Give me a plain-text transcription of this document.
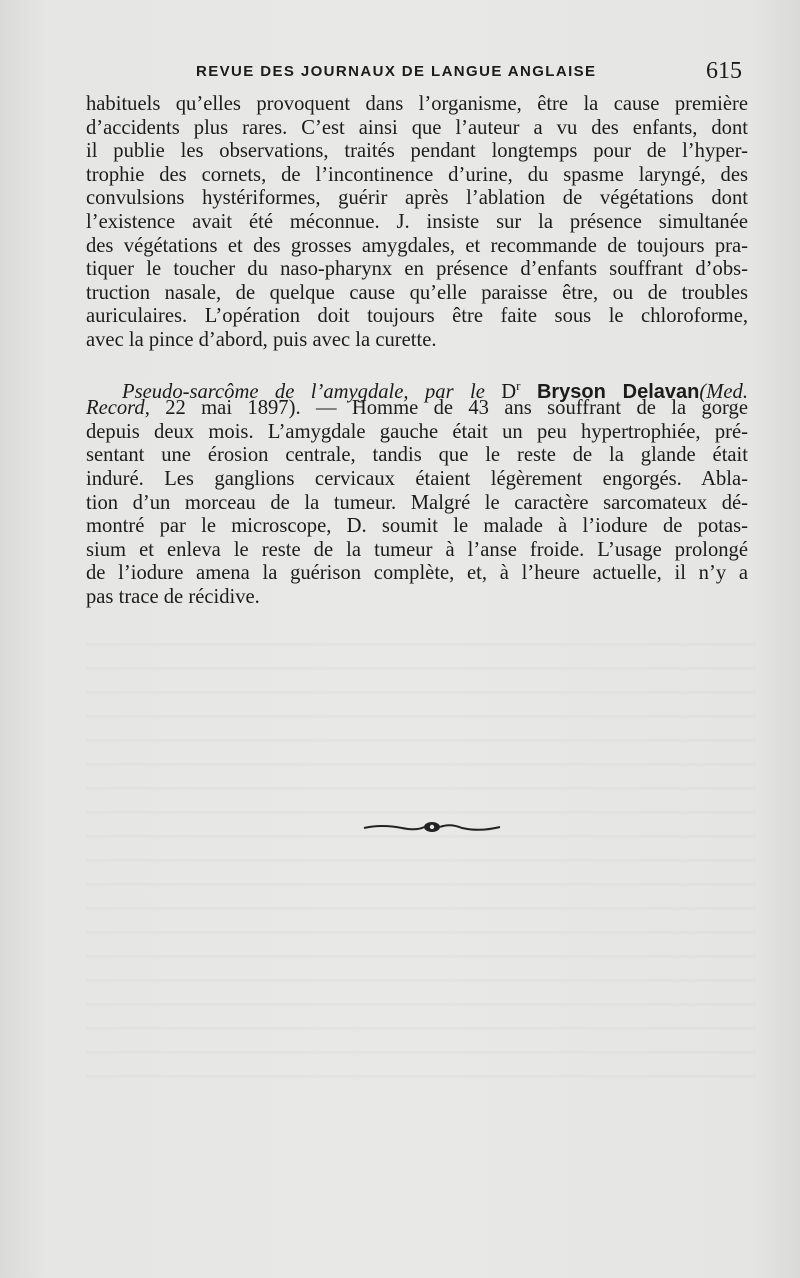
REVUE DES JOURNAUX DE LANGUE ANGLAISE	615
habituels qu’elles provoquent dans l’organisme, être la cause première
d’accidents plus rares. C’est ainsi que l’auteur a vu des enfants, dont
il publie les observations, traités pendant longtemps pour de l’hyper-
trophie des cornets, de l’incontinence d’urine, du spasme laryngé, des
convulsions hystériformes, guérir après l’ablation de végétations dont
l’existence avait été méconnue. J. insiste sur la présence simultanée
des végétations et des grosses amygdales, et recommande de toujours pra-
tiquer le toucher du naso-pharynx en présence d’enfants souffrant d’obs-
truction nasale, de quelque cause qu’elle paraisse être, ou de troubles
auriculaires. L’opération doit toujours être faite sous le chloroforme,
avec la pince d’abord, puis avec la curette.
Pseudo-sarcôme de l’amygdale, par le $D^r$ Bryson Delavan(Med.
Record, 22 mai 1897). — Homme de 43 ans souffrant de la gorge
depuis deux mois. L’amygdale gauche était un peu hypertrophiée, pré-
sentant une érosion centrale, tandis que le reste de la glande était
induré. Les ganglions cervicaux étaient légèrement engorgés. Abla-
tion d’un morceau de la tumeur. Malgré le caractère sarcomateux dé-
montré par le microscope, D. soumit le malade à l’iodure de potas-
sium et enleva le reste de la tumeur à l’anse froide. L’usage prolongé
de l’iodure amena la guérison complète, et, à l’heure actuelle, il n’y a
pas trace de récidive.
